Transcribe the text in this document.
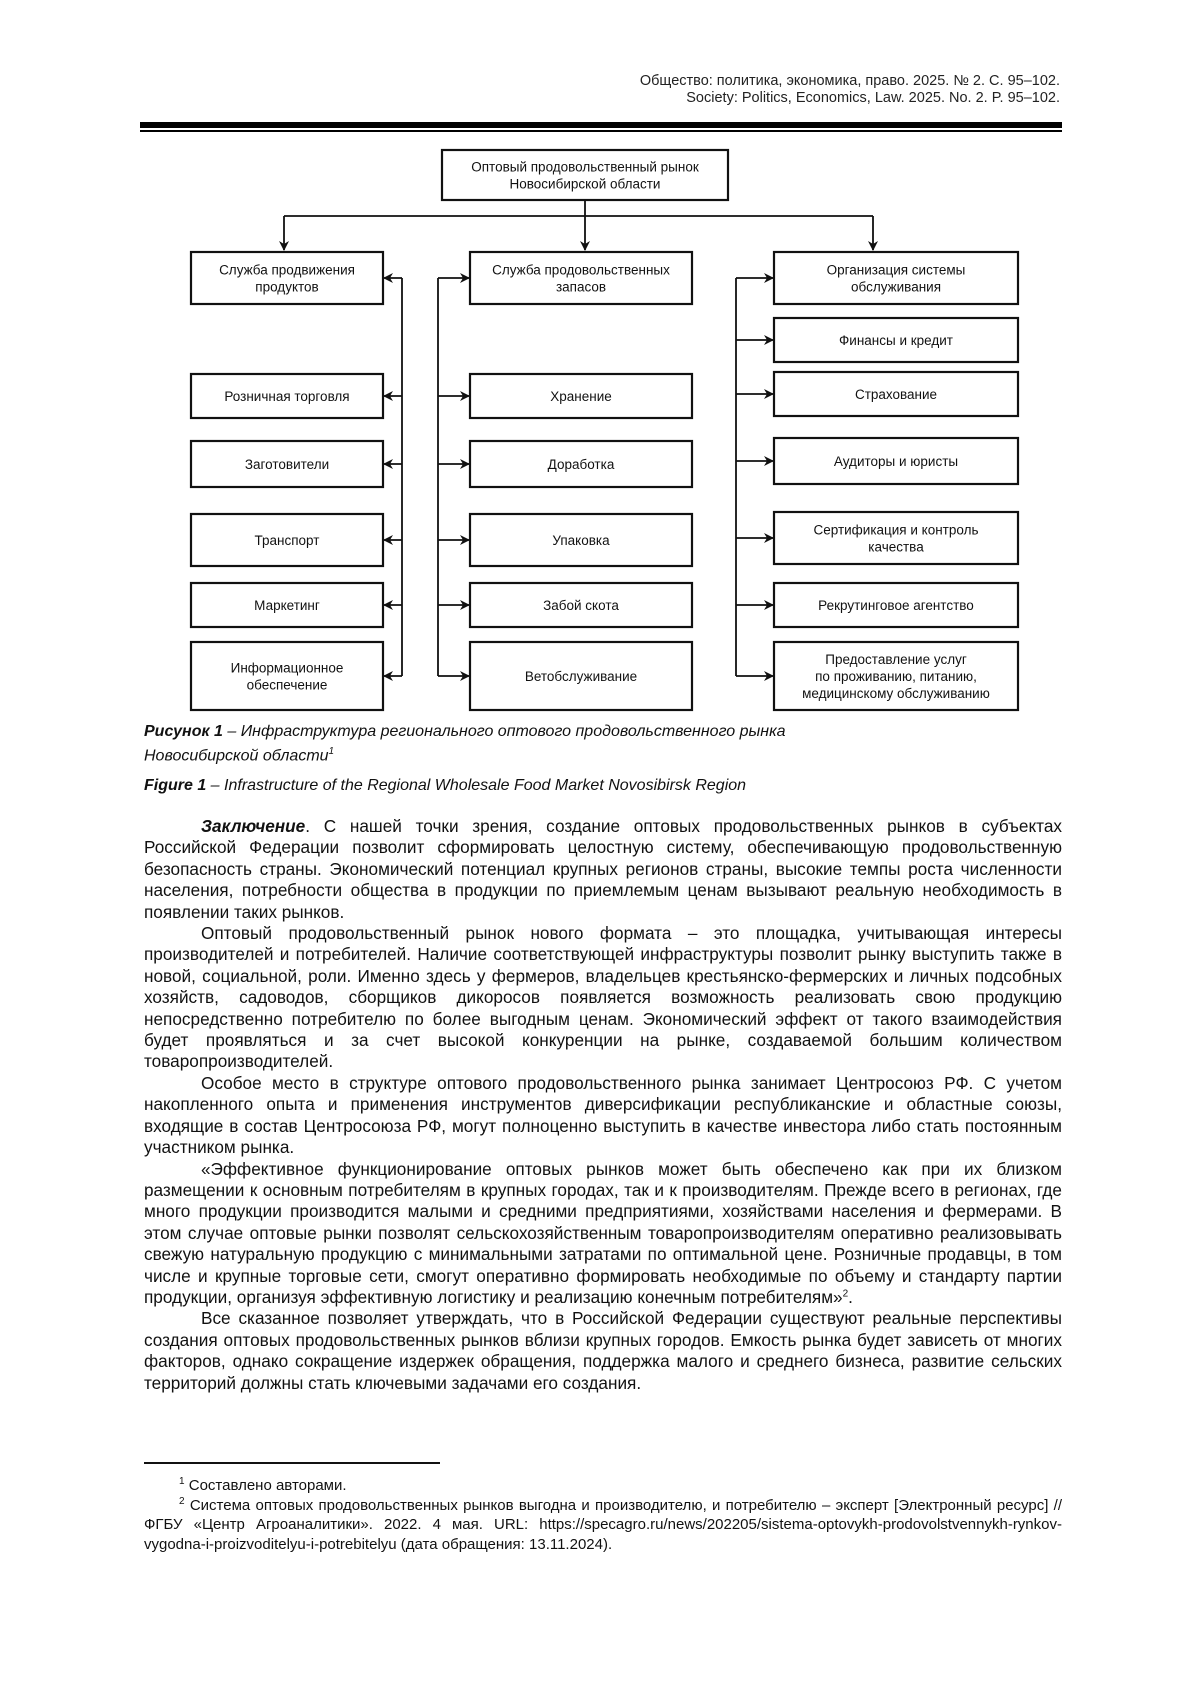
Общество: политика, экономика, право. 2025. № 2. С. 95–102.
Society: Politics, Economics, Law. 2025. No. 2. P. 95–102.
Оптовый продовольственный рынок
Новосибирской области
Служба продвижения
продуктов
Служба продовольственных
запасов
Организация системы
обслуживания
Розничная торговля
Заготовители
Транспорт
Маркетинг
Информационное
обеспечение
Хранение
Доработка
Упаковка
Забой скота
Ветобслуживание
Финансы и кредит
Страхование
Аудиторы и юристы
Сертификация и контроль
качества
Рекрутинговое агентство
Предоставление услуг
по проживанию, питанию,
медицинскому обслуживанию
Рисунок 1 – Инфраструктура регионального оптового продовольственного рынка
Новосибирской области$^1$
Figure 1 – Infrastructure of the Regional Wholesale Food Market Novosibirsk Region

Заключение. С нашей точки зрения, создание оптовых продовольственных рынков в субъектах Российской Федерации позволит сформировать целостную систему, обеспечивающую продовольственную безопасность страны. Экономический потенциал крупных регионов страны, высокие темпы роста численности населения, потребности общества в продукции по приемлемым ценам вызывают реальную необходимость в появлении таких рынков.

Оптовый продовольственный рынок нового формата – это площадка, учитывающая интересы производителей и потребителей. Наличие соответствующей инфраструктуры позволит рынку выступить также в новой, социальной, роли. Именно здесь у фермеров, владельцев крестьянско-фермерских и личных подсобных хозяйств, садоводов, сборщиков дикоросов появляется возможность реализовать свою продукцию непосредственно потребителю по более выгодным ценам. Экономический эффект от такого взаимодействия будет проявляться и за счет высокой конкуренции на рынке, создаваемой большим количеством товаропроизводителей.

Особое место в структуре оптового продовольственного рынка занимает Центросоюз РФ. С учетом накопленного опыта и применения инструментов диверсификации республиканские и областные союзы, входящие в состав Центросоюза РФ, могут полноценно выступить в качестве инвестора либо стать постоянным участником рынка.

«Эффективное функционирование оптовых рынков может быть обеспечено как при их близком размещении к основным потребителям в крупных городах, так и к производителям. Прежде всего в регионах, где много продукции производится малыми и средними предприятиями, хозяйствами населения и фермерами. В этом случае оптовые рынки позволят сельскохозяйственным товаропроизводителям оперативно реализовывать свежую натуральную продукцию с минимальными затратами по оптимальной цене. Розничные продавцы, в том числе и крупные торговые сети, смогут оперативно формировать необходимые по объему и стандарту партии продукции, организуя эффективную логистику и реализацию конечным потребителям»$^2$.

Все сказанное позволяет утверждать, что в Российской Федерации существуют реальные перспективы создания оптовых продовольственных рынков вблизи крупных городов. Емкость рынка будет зависеть от многих факторов, однако сокращение издержек обращения, поддержка малого и среднего бизнеса, развитие сельских территорий должны стать ключевыми задачами его создания.

$^1$ Составлено авторами.

$^2$ Система оптовых продовольственных рынков выгодна и производителю, и потребителю – эксперт [Электронный ресурс] // ФГБУ «Центр Агроаналитики». 2022. 4 мая. URL: https://specagro.ru/news/202205/sistema-optovykh-prodovolstvennykh-rynkov-vygodna-i-proizvoditelyu-i-potrebitelyu (дата обращения: 13.11.2024).
